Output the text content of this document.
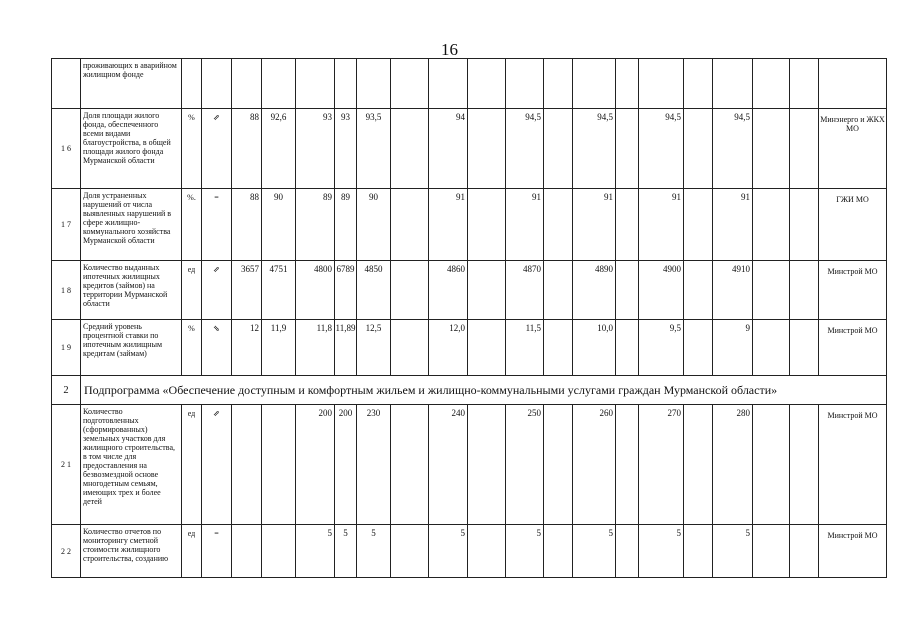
16
	проживающих в аварийном жилищном фонде																				
1 6	Доля площади жилого фонда, обеспеченного всеми видами благоустройства, в общей площади жилого фонда Мурманской области	%	⇗	88	92,6	93	93	93,5		94		94,5		94,5		94,5		94,5			Минэнерго и ЖКХ МО
1 7	Доля устраненных нарушений от числа выявленных нарушений в сфере жилищно-коммунального хозяйства Мурманской области	%.	=	88	90	89	89	90		91		91		91		91		91			ГЖИ МО
1 8	Количество выданных ипотечных жилищных кредитов (займов) на территории Мурманской области	ед	⇗	3657	4751	4800	6789	4850		4860		4870		4890		4900		4910			Минстрой МО
1 9	Средний уровень процентной ставки по ипотечным жилищным кредитам (займам)	%	⇘	12	11,9	11,8	11,89	12,5		12,0		11,5		10,0		9,5		9			Минстрой МО
2	Подпрограмма «Обеспечение доступным и комфортным жильем и жилищно-коммунальными услугами граждан Мурманской области»																				
2 1	Количество подготовленных (сформированных) земельных участков для жилищного строительства, в том числе для предоставления на безвозмездной основе многодетным семьям, имеющих трех и более детей	ед	⇗			200	200	230		240		250		260		270		280			Минстрой МО
2 2	Количество отчетов по мониторингу сметной стоимости жилищного строительства, созданию	ед	=			5	5	5		5		5		5		5		5			Минстрой МО
